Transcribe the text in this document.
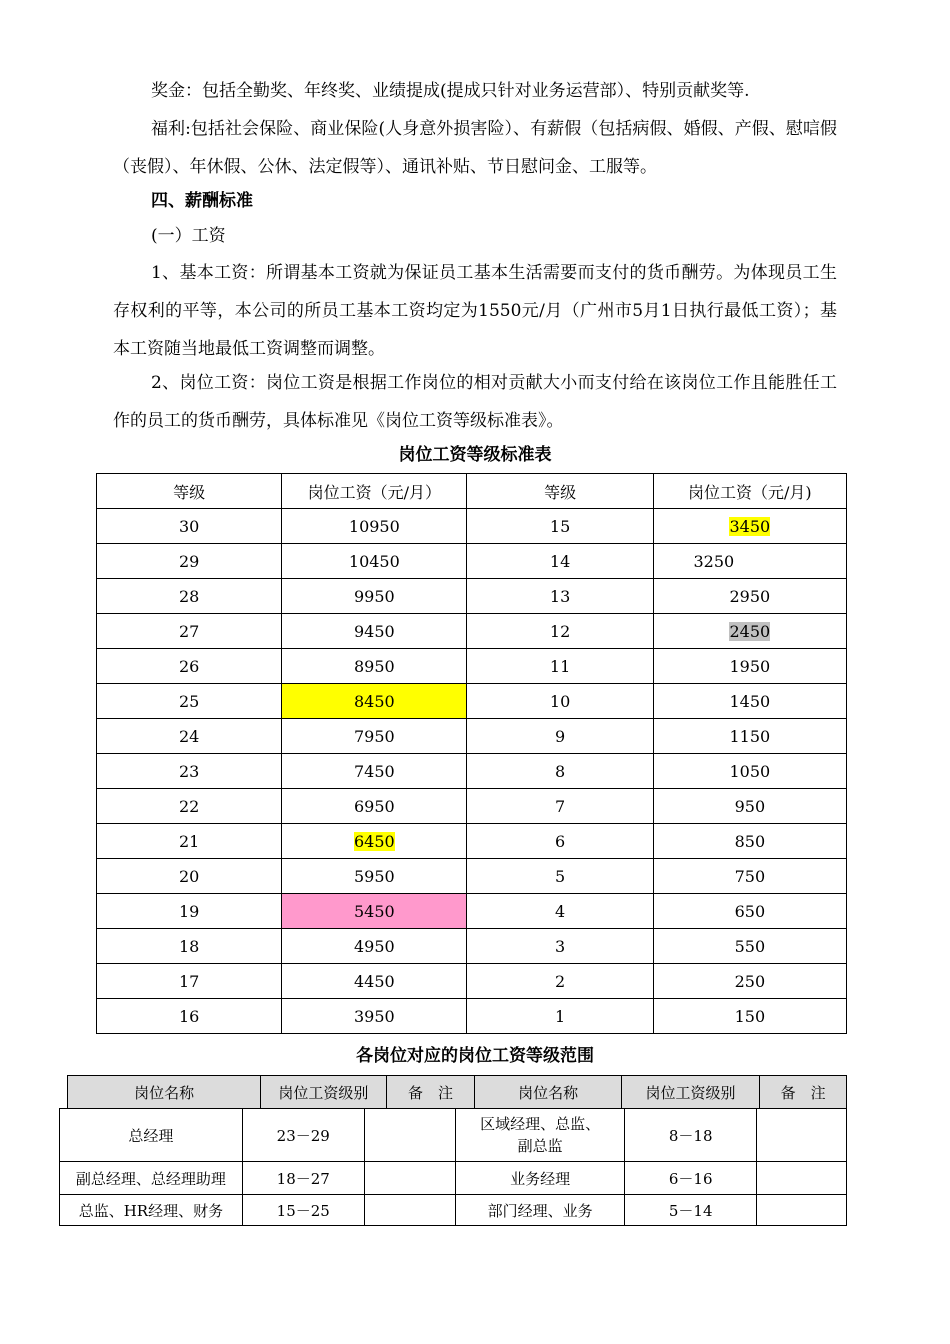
奖金：包括全勤奖、年终奖、业绩提成(提成只针对业务运营部）、特别贡献奖等.

福利:包括社会保险、商业保险(人身意外损害险）、有薪假（包括病假、婚假、产假、慰唁假（丧假）、年休假、公休、法定假等）、通讯补贴、节日慰问金、工服等。

四、薪酬标准

(一）工资

1、基本工资：所谓基本工资就为保证员工基本生活需要而支付的货币酬劳。为体现员工生存权利的平等，本公司的所员工基本工资均定为1550元/月（广州市5月1日执行最低工资）；基本工资随当地最低工资调整而调整。

2、岗位工资：岗位工资是根据工作岗位的相对贡献大小而支付给在该岗位工作且能胜任工作的员工的货币酬劳，具体标准见《岗位工资等级标准表》。

岗位工资等级标准表
等级	岗位工资（元/月）	等级	岗位工资（元/月)
30	10950	15	3450
29	10450	14	3250
28	9950	13	2950
27	9450	12	2450
26	8950	11	1950
25	8450	10	1450
24	7950	9	1150
23	7450	8	1050
22	6950	7	950
21	6450	6	850
20	5950	5	750
19	5450	4	650
18	4950	3	550
17	4450	2	250
16	3950	1	150
各岗位对应的岗位工资等级范围
岗位名称	岗位工资级别	备　注	岗位名称	岗位工资级别	备　注
总经理	23－29		区域经理、总监、副总监	8－18	
副总经理、总经理助理	18－27		业务经理	6－16	
总监、HR经理、财务	15－25		部门经理、业务	5－14	
